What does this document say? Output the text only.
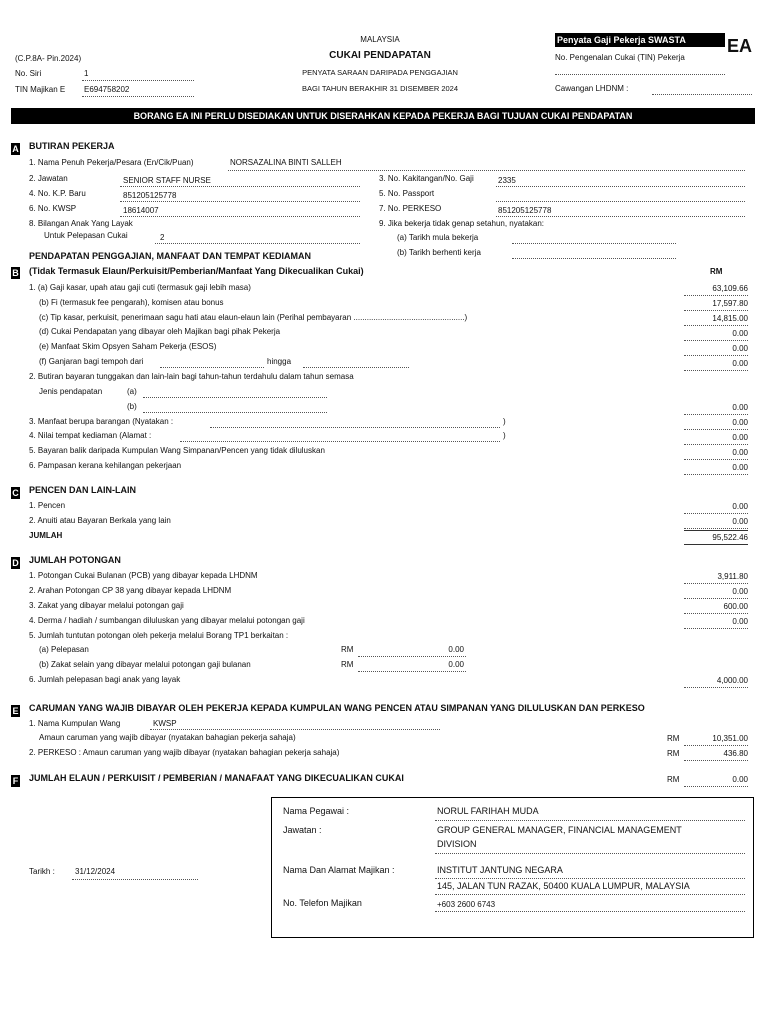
MALAYSIA
CUKAI PENDAPATAN
PENYATA SARAAN DARIPADA PENGGAJIAN
BAGI TAHUN BERAKHIR 31 DISEMBER 2024
(C.P.8A- Pin.2024)
No. Siri	1
TIN Majikan E E694758202
Penyata Gaji Pekerja SWASTA	EA
No. Pengenalan Cukai (TIN) Pekerja
Cawangan LHDNM :
BORANG EA INI PERLU DISEDIAKAN UNTUK DISERAHKAN KEPADA PEKERJA BAGI TUJUAN CUKAI PENDAPATAN
A BUTIRAN PEKERJA
1. Nama Penuh Pekerja/Pesara (En/Cik/Puan)	NORSAZALINA BINTI SALLEH
2. Jawatan	SENIOR STAFF NURSE	3. No. Kakitangan/No. Gaji	2335
4. No. K.P. Baru	851205125778	5. No. Passport
6. No. KWSP	18614007	7. No. PERKESO	851205125778
8. Bilangan Anak Yang Layak
Untuk Pelepasan Cukai	2
9. Jika bekerja tidak genap setahun, nyatakan:
(a) Tarikh mula bekerja
(b) Tarikh berhenti kerja
PENDAPATAN PENGGAJIAN, MANFAAT DAN TEMPAT KEDIAMAN
B (Tidak Termasuk Elaun/Perkuisit/Pemberian/Manfaat Yang Dikecualikan Cukai)	RM
1. (a) Gaji kasar, upah atau gaji cuti (termasuk gaji lebih masa)	63,109.66
(b) Fi (termasuk fee pengarah), komisen atau bonus	17,597.80
(c) Tip kasar, perkuisit, penerimaan sagu hati atau elaun-elaun lain (Perihal pembayaran ..................................................)	14,815.00
(d) Cukai Pendapatan yang dibayar oleh Majikan bagi pihak Pekerja	0.00
(e) Manfaat Skim Opsyen Saham Pekerja (ESOS)	0.00
(f) Ganjaran bagi tempoh dari	hingga	0.00
2. Butiran bayaran tunggakan dan lain-lain bagi tahun-tahun terdahulu dalam tahun semasa
Jenis pendapatan	(a)
(b)	0.00
3. Manfaat berupa barangan (Nyatakan :	)	0.00
4. Nilai tempat kediaman (Alamat :	)	0.00
5. Bayaran balik daripada Kumpulan Wang Simpanan/Pencen yang tidak diluluskan	0.00
6. Pampasan kerana kehilangan pekerjaan	0.00
C PENCEN DAN LAIN-LAIN
1. Pencen	0.00
2. Anuiti atau Bayaran Berkala yang lain	0.00
JUMLAH	95,522.46
D JUMLAH POTONGAN
1. Potongan Cukai Bulanan (PCB) yang dibayar kepada LHDNM	3,911.80
2. Arahan Potongan CP 38 yang dibayar kepada LHDNM	0.00
3. Zakat yang dibayar melalui potongan gaji	600.00
4. Derma / hadiah / sumbangan diluluskan yang dibayar melalui potongan gaji	0.00
5. Jumlah tuntutan potongan oleh pekerja melalui Borang TP1 berkaitan :
(a) Pelepasan	RM	0.00
(b) Zakat selain yang dibayar melalui potongan gaji bulanan	RM	0.00
6. Jumlah pelepasan bagi anak yang layak	4,000.00
E CARUMAN YANG WAJIB DIBAYAR OLEH PEKERJA KEPADA KUMPULAN WANG PENCEN ATAU SIMPANAN YANG DILULUSKAN DAN PERKESO
1. Nama Kumpulan Wang	KWSP
Amaun caruman yang wajib dibayar (nyatakan bahagian pekerja sahaja)	RM	10,351.00
2. PERKESO : Amaun caruman yang wajib dibayar (nyatakan bahagian pekerja sahaja)	RM	436.80
F JUMLAH ELAUN / PERKUISIT / PEMBERIAN / MANAFAAT YANG DIKECUALIKAN CUKAI	RM	0.00
Tarikh :	31/12/2024
Nama Pegawai :	NORUL FARIHAH MUDA
Jawatan :	GROUP GENERAL MANAGER, FINANCIAL MANAGEMENT
DIVISION
Nama Dan Alamat Majikan :	INSTITUT JANTUNG NEGARA
145, JALAN TUN RAZAK, 50400 KUALA LUMPUR, MALAYSIA
No. Telefon Majikan	+603 2600 6743
